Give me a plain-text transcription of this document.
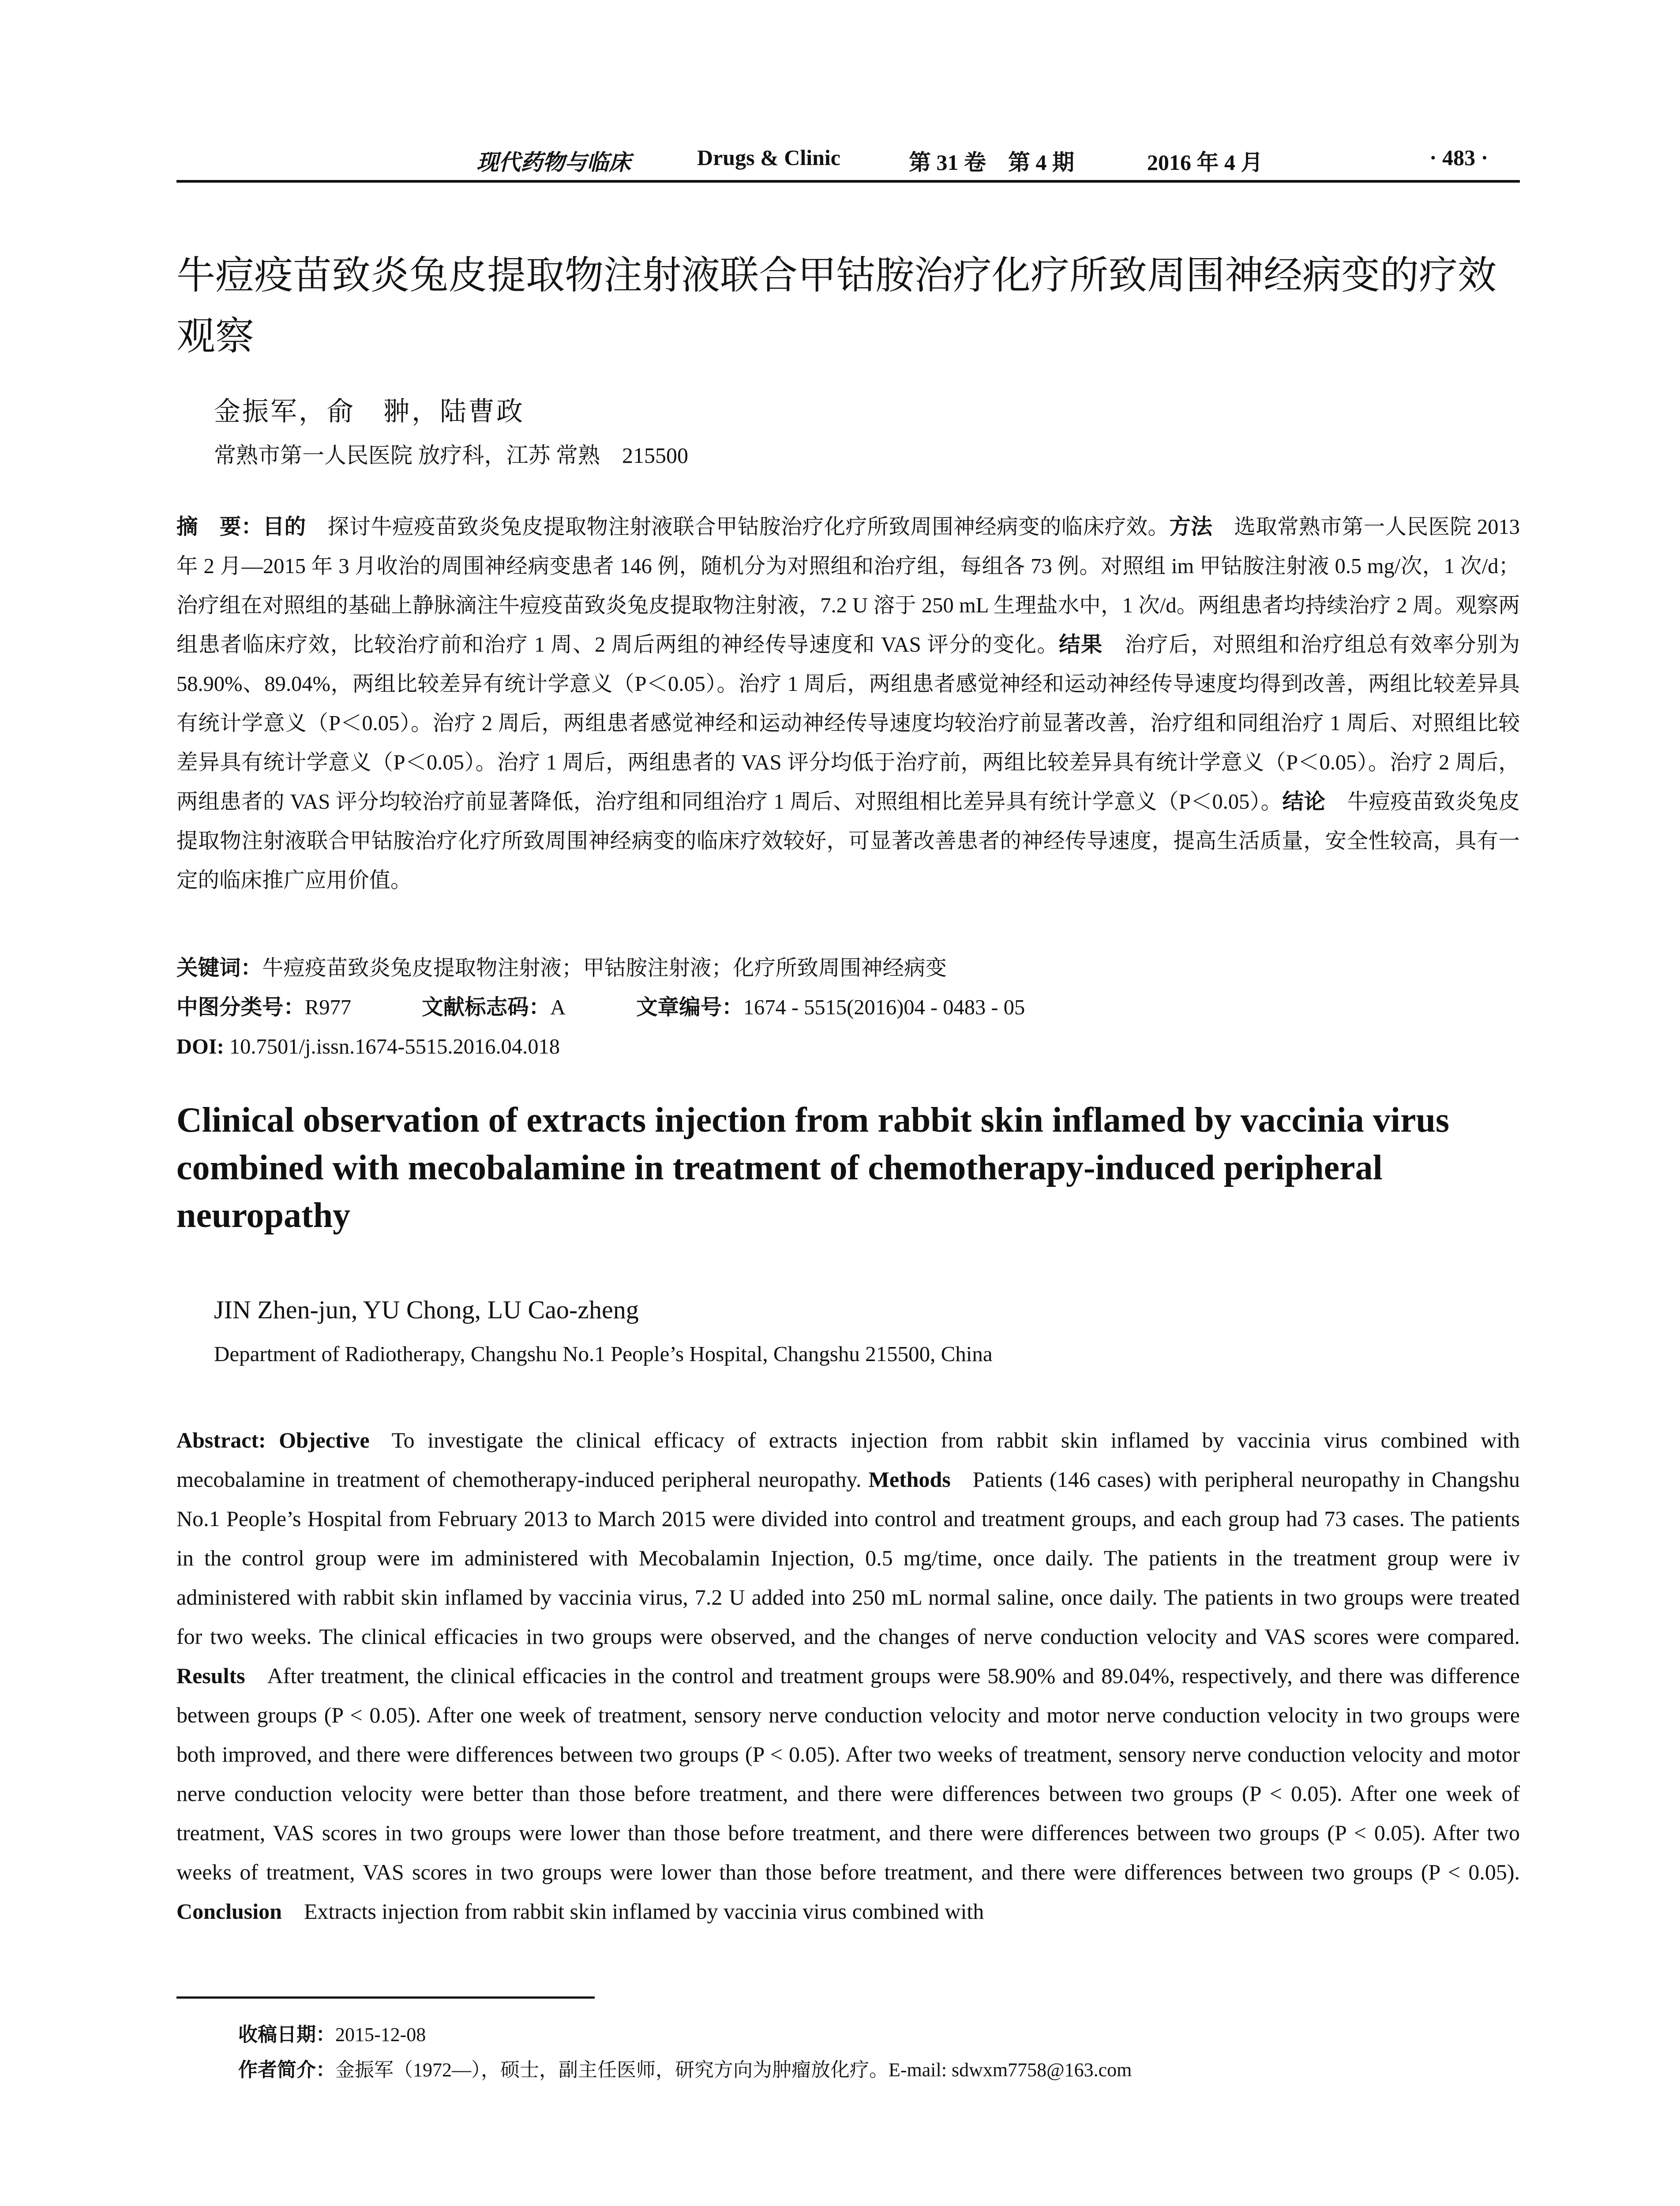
现代药物与临床	Drugs & Clinic	第 31 卷　第 4 期	2016 年 4 月	· 483 ·
牛痘疫苗致炎兔皮提取物注射液联合甲钴胺治疗化疗所致周围神经病变的疗效观察
金振军，俞　翀，陆曹政
常熟市第一人民医院 放疗科，江苏 常熟　215500
摘　要：目的  探讨牛痘疫苗致炎兔皮提取物注射液联合甲钴胺治疗化疗所致周围神经病变的临床疗效。方法  选取常熟市第一人民医院 2013 年 2 月—2015 年 3 月收治的周围神经病变患者 146 例，随机分为对照组和治疗组，每组各 73 例。对照组 im 甲钴胺注射液 0.5 mg/次，1 次/d；治疗组在对照组的基础上静脉滴注牛痘疫苗致炎兔皮提取物注射液，7.2 U 溶于 250 mL 生理盐水中，1 次/d。两组患者均持续治疗 2 周。观察两组患者临床疗效，比较治疗前和治疗 1 周、2 周后两组的神经传导速度和 VAS 评分的变化。结果  治疗后，对照组和治疗组总有效率分别为 58.90%、89.04%，两组比较差异有统计学意义（P＜0.05）。治疗 1 周后，两组患者感觉神经和运动神经传导速度均得到改善，两组比较差异具有统计学意义（P＜0.05）。治疗 2 周后，两组患者感觉神经和运动神经传导速度均较治疗前显著改善，治疗组和同组治疗 1 周后、对照组比较差异具有统计学意义（P＜0.05）。治疗 1 周后，两组患者的 VAS 评分均低于治疗前，两组比较差异具有统计学意义（P＜0.05）。治疗 2 周后，两组患者的 VAS 评分均较治疗前显著降低，治疗组和同组治疗 1 周后、对照组相比差异具有统计学意义（P＜0.05）。结论  牛痘疫苗致炎兔皮提取物注射液联合甲钴胺治疗化疗所致周围神经病变的临床疗效较好，可显著改善患者的神经传导速度，提高生活质量，安全性较高，具有一定的临床推广应用价值。
关键词：牛痘疫苗致炎兔皮提取物注射液；甲钴胺注射液；化疗所致周围神经病变
中图分类号：R977	文献标志码：A	文章编号：1674 - 5515(2016)04 - 0483 - 05
DOI: 10.7501/j.issn.1674-5515.2016.04.018
Clinical observation of extracts injection from rabbit skin inflamed by vaccinia virus combined with mecobalamine in treatment of chemotherapy-induced peripheral neuropathy
JIN Zhen-jun, YU Chong, LU Cao-zheng
Department of Radiotherapy, Changshu No.1 People’s Hospital, Changshu 215500, China
Abstract: Objective  To investigate the clinical efficacy of extracts injection from rabbit skin inflamed by vaccinia virus combined with mecobalamine in treatment of chemotherapy-induced peripheral neuropathy. Methods  Patients (146 cases) with peripheral neuropathy in Changshu No.1 People’s Hospital from February 2013 to March 2015 were divided into control and treatment groups, and each group had 73 cases. The patients in the control group were im administered with Mecobalamin Injection, 0.5 mg/time, once daily. The patients in the treatment group were iv administered with rabbit skin inflamed by vaccinia virus, 7.2 U added into 250 mL normal saline, once daily. The patients in two groups were treated for two weeks. The clinical efficacies in two groups were observed, and the changes of nerve conduction velocity and VAS scores were compared. Results  After treatment, the clinical efficacies in the control and treatment groups were 58.90% and 89.04%, respectively, and there was difference between groups (P < 0.05). After one week of treatment, sensory nerve conduction velocity and motor nerve conduction velocity in two groups were both improved, and there were differences between two groups (P < 0.05). After two weeks of treatment, sensory nerve conduction velocity and motor nerve conduction velocity were better than those before treatment, and there were differences between two groups (P < 0.05). After one week of treatment, VAS scores in two groups were lower than those before treatment, and there were differences between two groups (P < 0.05). After two weeks of treatment, VAS scores in two groups were lower than those before treatment, and there were differences between two groups (P < 0.05). Conclusion  Extracts injection from rabbit skin inflamed by vaccinia virus combined with
收稿日期：2015-12-08
作者简介：金振军（1972—），硕士，副主任医师，研究方向为肿瘤放化疗。E-mail: sdwxm7758@163.com
